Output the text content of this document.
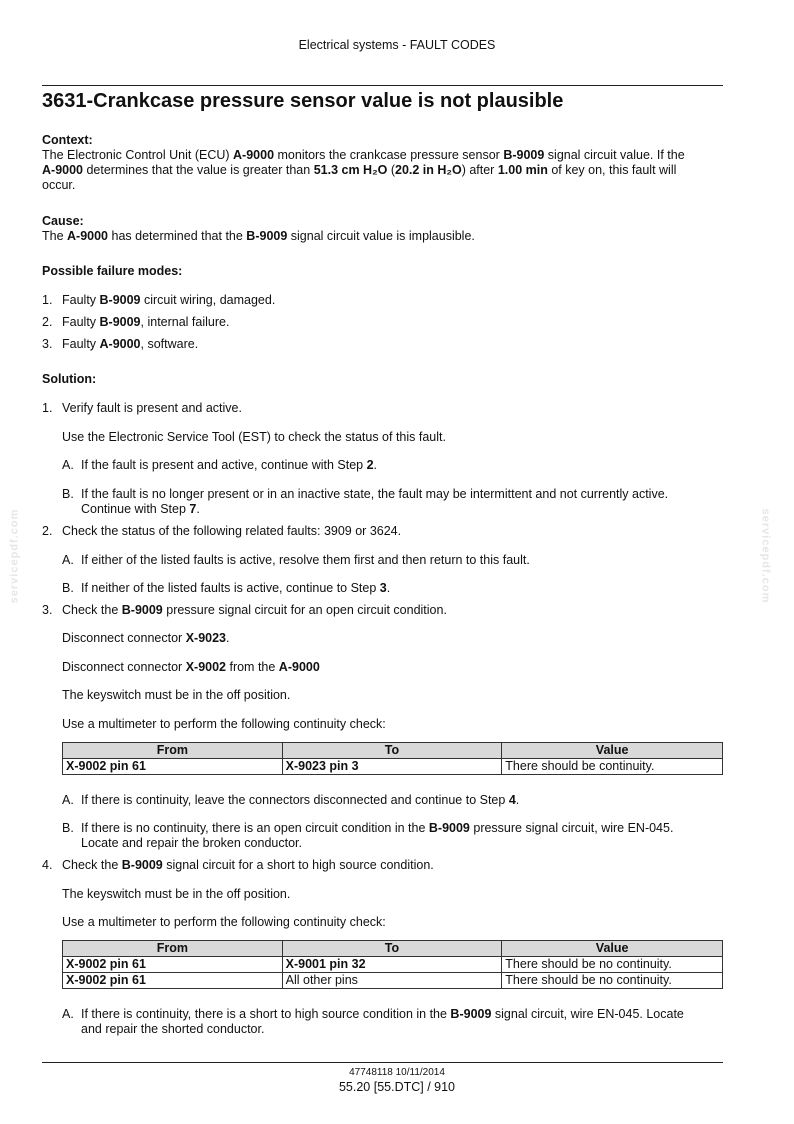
Electrical systems - FAULT CODES
3631-Crankcase pressure sensor value is not plausible
Context:
The Electronic Control Unit (ECU) A-9000 monitors the crankcase pressure sensor B-9009 signal circuit value. If the
A-9000 determines that the value is greater than 51.3 cm H₂O (20.2 in H₂O) after 1.00 min of key on, this fault will
occur.
Cause:
The A-9000 has determined that the B-9009 signal circuit value is implausible.
Possible failure modes:
1. Faulty B-9009 circuit wiring, damaged.
2. Faulty B-9009, internal failure.
3. Faulty A-9000, software.
Solution:
1. Verify fault is present and active.
Use the Electronic Service Tool (EST) to check the status of this fault.
A. If the fault is present and active, continue with Step 2.
B. If the fault is no longer present or in an inactive state, the fault may be intermittent and not currently active.
Continue with Step 7.
2. Check the status of the following related faults: 3909 or 3624.
A. If either of the listed faults is active, resolve them first and then return to this fault.
B. If neither of the listed faults is active, continue to Step 3.
3. Check the B-9009 pressure signal circuit for an open circuit condition.
Disconnect connector X-9023.
Disconnect connector X-9002 from the A-9000
The keyswitch must be in the off position.
Use a multimeter to perform the following continuity check:
From	To	Value
X-9002 pin 61	X-9023 pin 3	There should be continuity.
A. If there is continuity, leave the connectors disconnected and continue to Step 4.
B. If there is no continuity, there is an open circuit condition in the B-9009 pressure signal circuit, wire EN-045.
Locate and repair the broken conductor.
4. Check the B-9009 signal circuit for a short to high source condition.
The keyswitch must be in the off position.
Use a multimeter to perform the following continuity check:
From	To	Value
X-9002 pin 61	X-9001 pin 32	There should be no continuity.
X-9002 pin 61	All other pins	There should be no continuity.
A. If there is continuity, there is a short to high source condition in the B-9009 signal circuit, wire EN-045. Locate
and repair the shorted conductor.
servicepdf.com	servicepdf.com
47748118 10/11/2014
55.20 [55.DTC] / 910
